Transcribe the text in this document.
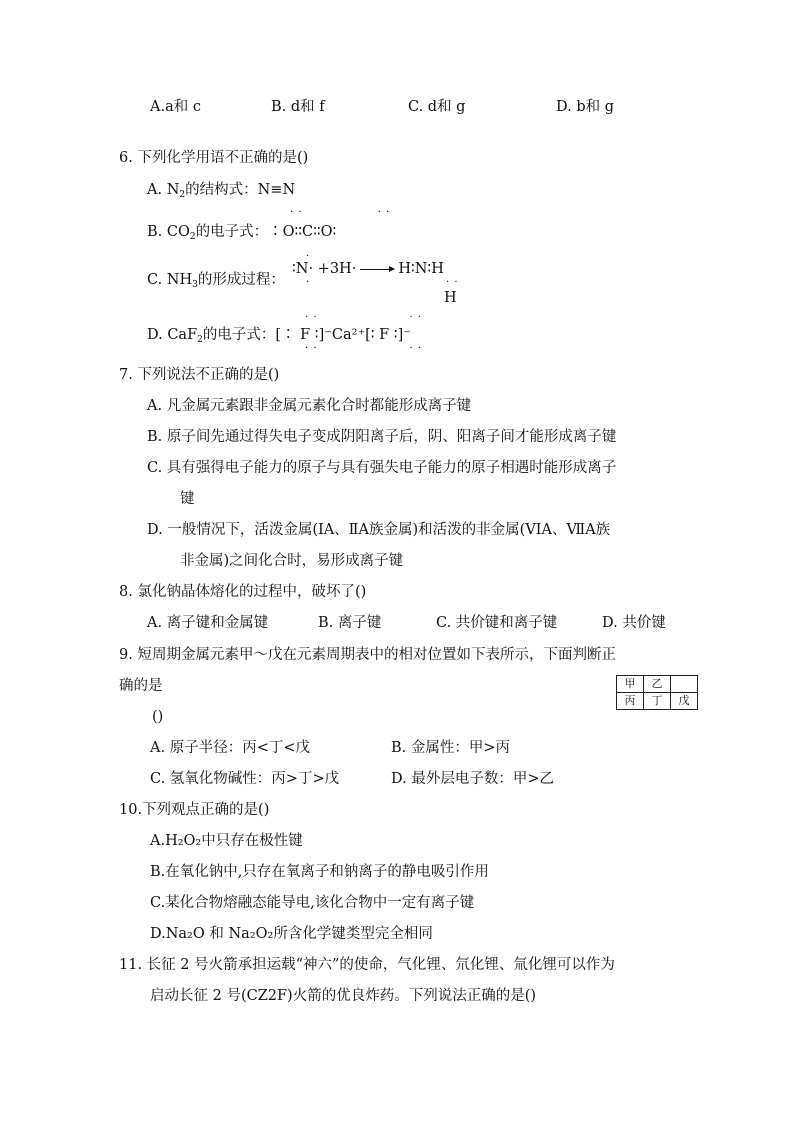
A.a和 c	B. d和 f	C. d和 g	D. b和 g
6. 下列化学用语不正确的是()
A. $N_2$的结构式：N≡N
· ·                  · ·
B. $CO_2$的电子式：∶O∶∶C∶∶O∶
·
C. $NH_3$的形成过程：
∶N· +3H· → H∶N∶H
·	· ·
H
· ·                      · ·
D. CaF$_2$的电子式：[∶ F ∶]⁻Ca²⁺[∶ F ∶]⁻
· ·                      · ·
7. 下列说法不正确的是()
A. 凡金属元素跟非金属元素化合时都能形成离子键
B. 原子间先通过得失电子变成阴阳离子后，阴、阳离子间才能形成离子键
C. 具有强得电子能力的原子与具有强失电子能力的原子相遇时能形成离子
键
D. 一般情况下，活泼金属(ⅠA、ⅡA族金属)和活泼的非金属(VIA、ⅦA族
非金属)之间化合时，易形成离子键
8. 氯化钠晶体熔化的过程中，破坏了()
A. 离子键和金属键	B. 离子键	C. 共价键和离子键	D. 共价键
9. 短周期金属元素甲～戊在元素周期表中的相对位置如下表所示，下面判断正
确的是
()
甲	乙	
丙	丁	戊
A. 原子半径：丙<丁<戊	B. 金属性：甲>丙
C. 氢氧化物碱性：丙>丁>戊	D. 最外层电子数：甲>乙
10.下列观点正确的是()
A.H₂O₂中只存在极性键
B.在氧化钠中,只存在氧离子和钠离子的静电吸引作用
C.某化合物熔融态能导电,该化合物中一定有离子键
D.Na₂O 和 Na₂O₂所含化学键类型完全相同
11. 长征 2 号火箭承担运载“神六”的使命，气化锂、氘化锂、氚化锂可以作为
启动长征 2 号(CZ2F)火箭的优良炸药。下列说法正确的是()
